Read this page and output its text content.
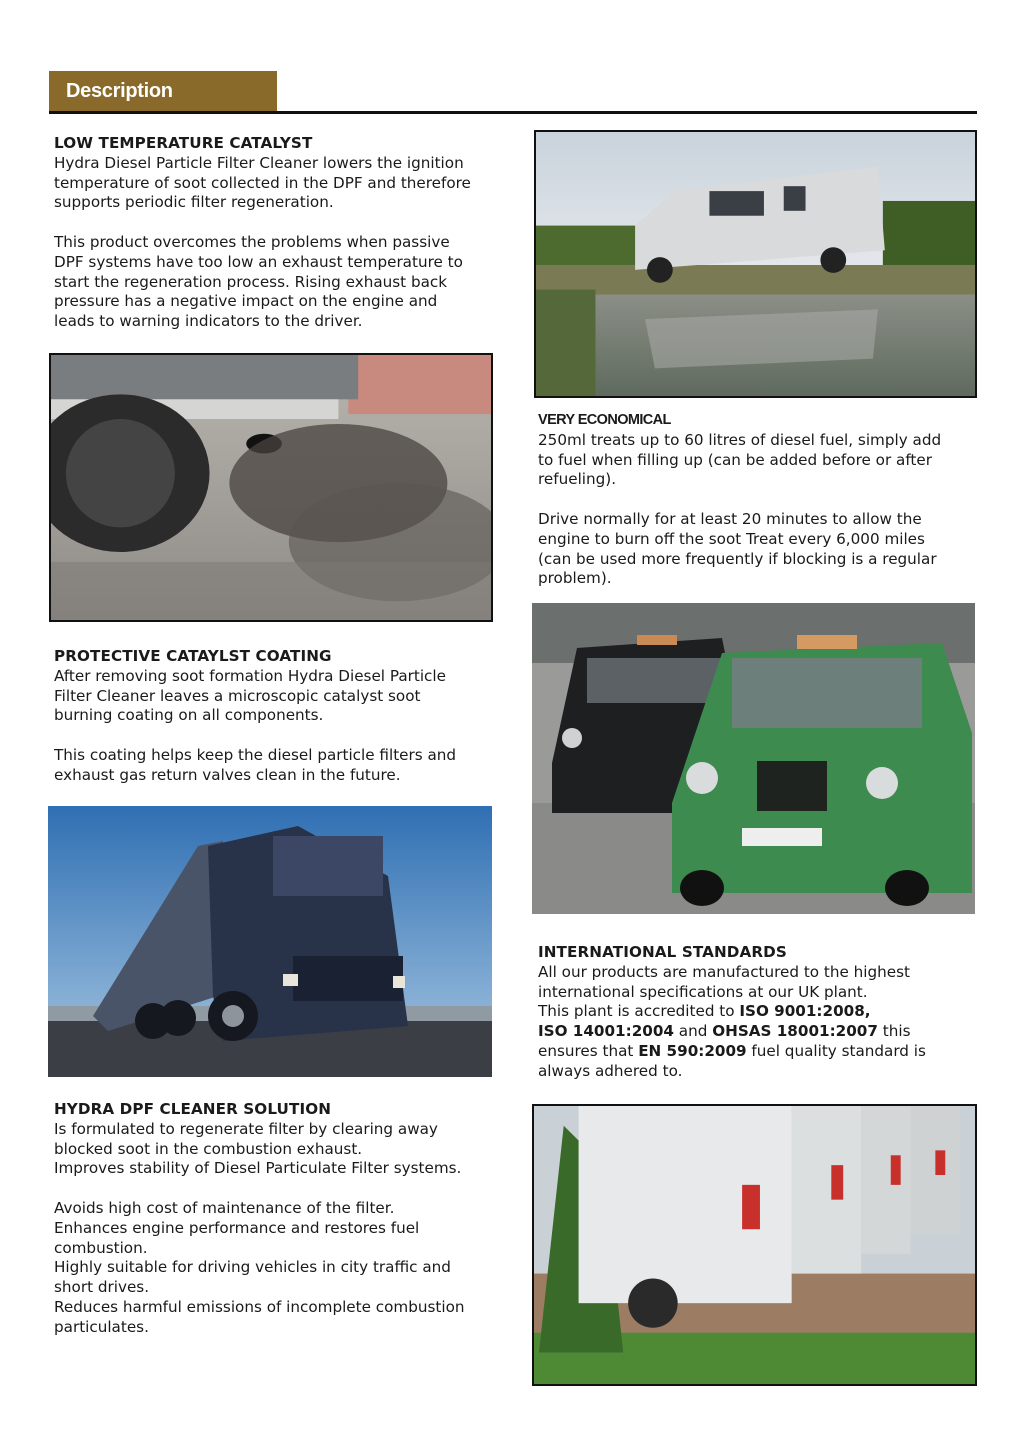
Description

LOW TEMPERATURE CATALYST

Hydra Diesel Particle Filter Cleaner lowers the ignition

temperature of soot collected in the DPF and therefore

supports periodic filter regeneration.

This product overcomes the problems when passive

DPF systems have too low an exhaust temperature to

start the regeneration process. Rising exhaust back

pressure has a negative impact on the engine and

leads to warning indicators to the driver.

VERY ECONOMICAL

250ml treats up to 60 litres of diesel fuel, simply add

to fuel when filling up (can be added before or after

refueling).

Drive normally for at least 20 minutes to allow the

engine to burn off the soot Treat every 6,000 miles

(can be used more frequently if blocking is a regular

problem).

PROTECTIVE CATAYLST COATING

After removing soot formation Hydra Diesel Particle

Filter Cleaner leaves a microscopic catalyst soot

burning coating on all components.

This coating helps keep the diesel particle filters and

exhaust gas return valves clean in the future.

INTERNATIONAL STANDARDS

All our products are manufactured to the highest

international specifications at our UK plant.

This plant is accredited to ISO 9001:2008,

ISO 14001:2004 and OHSAS 18001:2007 this

ensures that EN 590:2009 fuel quality standard is

always adhered to.

HYDRA DPF CLEANER SOLUTION

Is formulated to regenerate filter by clearing away

blocked soot in the combustion exhaust.

Improves stability of Diesel Particulate Filter systems.

Avoids high cost of maintenance of the filter.

Enhances engine performance and restores fuel

combustion.

Highly suitable for driving vehicles in city traffic and

short drives.

Reduces harmful emissions of incomplete combustion

particulates.
